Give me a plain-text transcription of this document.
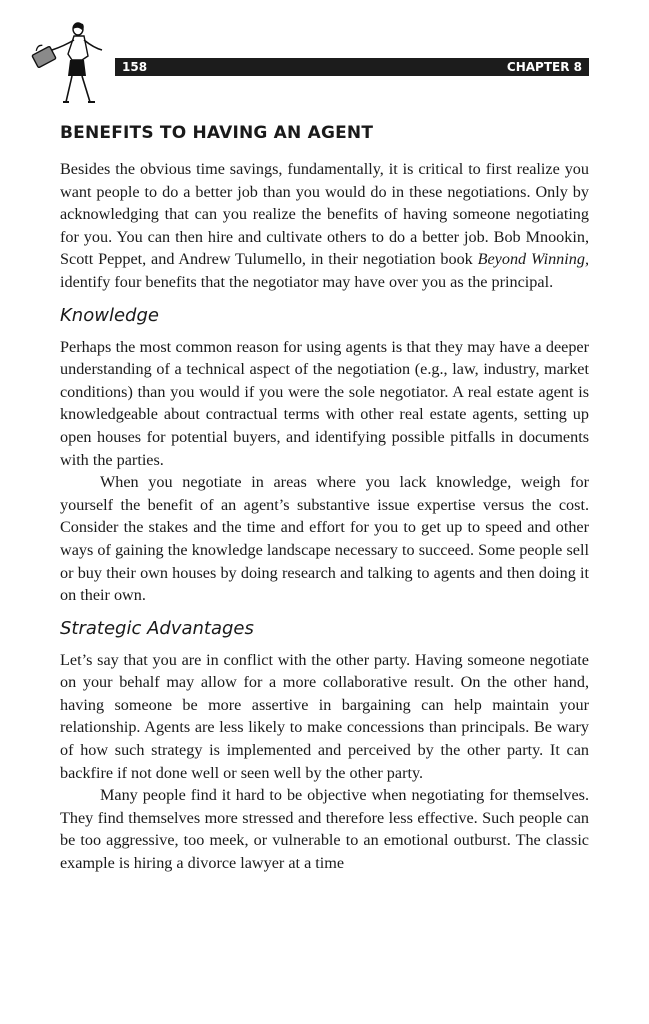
158	CHAPTER 8
BENEFITS TO HAVING AN AGENT

Besides the obvious time savings, fundamentally, it is critical to first realize you want people to do a better job than you would do in these negotiations. Only by acknowledging that can you realize the benefits of having someone negotiating for you. You can then hire and cultivate others to do a better job. Bob Mnookin, Scott Peppet, and Andrew Tulumello, in their negotiation book Beyond Winning, identify four benefits that the negotiator may have over you as the principal.

Knowledge

Perhaps the most common reason for using agents is that they may have a deeper understanding of a technical aspect of the negotiation (e.g., law, industry, market conditions) than you would if you were the sole negotiator. A real estate agent is knowledgeable about contractual terms with other real estate agents, setting up open houses for potential buyers, and identifying possible pitfalls in documents with the parties.

When you negotiate in areas where you lack knowledge, weigh for yourself the benefit of an agent’s substantive issue expertise versus the cost. Consider the stakes and the time and effort for you to get up to speed and other ways of gaining the knowledge landscape necessary to succeed. Some people sell or buy their own houses by doing research and talking to agents and then doing it on their own.

Strategic Advantages

Let’s say that you are in conflict with the other party. Having someone negotiate on your behalf may allow for a more collaborative result. On the other hand, having someone be more assertive in bargaining can help maintain your relationship. Agents are less likely to make concessions than principals. Be wary of how such strategy is implemented and perceived by the other party. It can backfire if not done well or seen well by the other party.

Many people find it hard to be objective when negotiating for themselves. They find themselves more stressed and therefore less effective. Such people can be too aggressive, too meek, or vulnerable to an emotional outburst. The classic example is hiring a divorce lawyer at a time
